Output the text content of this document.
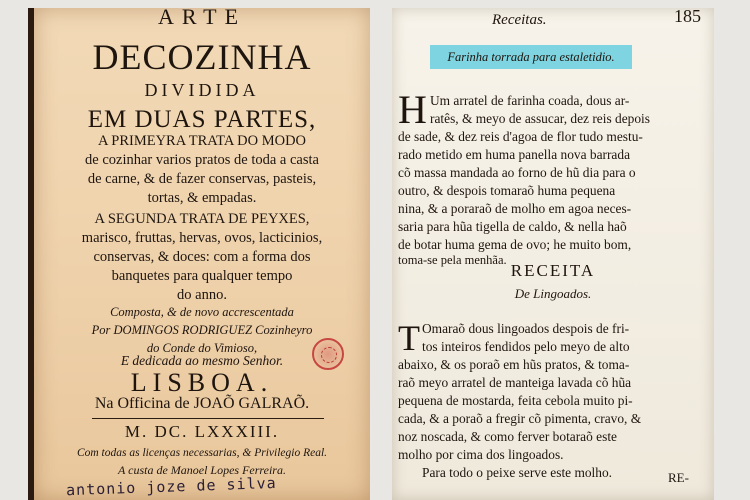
ARTE
DECOZINHA
DIVIDIDA
EM DUAS PARTES,
A PRIMEYRA TRATA DO MODO
de cozinhar varios pratos de toda a casta
de carne, & de fazer conservas, pasteis,
tortas, & empadas.
A SEGUNDA TRATA DE PEYXES,
marisco, fruttas, hervas, ovos, lacticinios,
conservas, & doces: com a forma dos
banquetes para qualquer tempo
do anno.
Composta, & de novo accrescentada
Por DOMINGOS RODRIGUEZ Cozinheyro
do Conde do Vimioso,
E dedicada ao mesmo Senhor.
LISBOA.
Na Officina de JOAÕ GALRAÕ.
M. DC. LXXXIII.
Com todas as licenças necessarias, & Privilegio Real.
A custa de Manoel Lopes Ferreira.
antonio joze de silva
Receitas.	185
Farinha torrada para estaletidio.
H Um arratel de farinha coada, dous ar-
ratês, & meyo de assucar, dez reis depois
de sade, & dez reis d'agoa de flor tudo mestu-
rado metido em huma panella nova barrada
cõ massa mandada ao forno de hũ dia para o
outro, & despois tomaraõ huma pequena
nina, & a poraraõ de molho em agoa neces-
saria para hũa tigella de caldo, & nella haõ
de botar huma gema de ovo; he muito bom,
toma-se pela menhãa.
RECEITA
De Lingoados.
T Omaraõ dous lingoados despois de fri-
tos inteiros fendidos pelo meyo de alto
abaixo, & os poraõ em hũs pratos, & toma-
raõ meyo arratel de manteiga lavada cõ hũa
pequena de mostarda, feita cebola muito pi-
cada, & a poraõ a fregir cõ pimenta, cravo, &
noz noscada, & como ferver botaraõ este
molho por cima dos lingoados.
Para todo o peixe serve este molho.	RE-
